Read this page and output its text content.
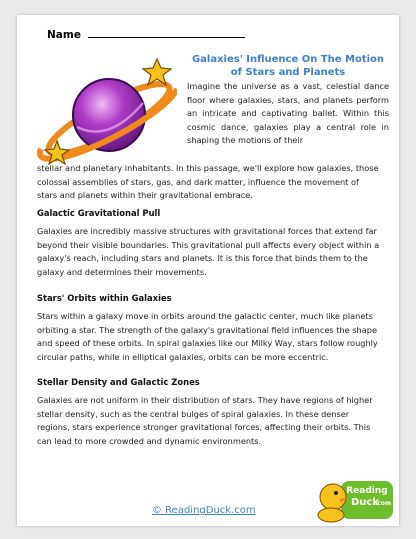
Name
Galaxies' Influence On The Motion of Stars and Planets
Imagine the universe as a vast, celestial dance floor where galaxies, stars, and planets perform an intricate and captivating ballet. Within this cosmic dance, galaxies play a central role in shaping the motions of their
stellar and planetary inhabitants. In this passage, we'll explore how galaxies, those colossal assemblies of stars, gas, and dark matter, influence the movement of stars and planets within their gravitational embrace.
Galactic Gravitational Pull
Galaxies are incredibly massive structures with gravitational forces that extend far beyond their visible boundaries. This gravitational pull affects every object within a galaxy's reach, including stars and planets. It is this force that binds them to the galaxy and determines their movements.
Stars' Orbits within Galaxies
Stars within a galaxy move in orbits around the galactic center, much like planets orbiting a star. The strength of the galaxy's gravitational field influences the shape and speed of these orbits. In spiral galaxies like our Milky Way, stars follow roughly circular paths, while in elliptical galaxies, orbits can be more eccentric.
Stellar Density and Galactic Zones
Galaxies are not uniform in their distribution of stars. They have regions of higher stellar density, such as the central bulges of spiral galaxies. In these denser regions, stars experience stronger gravitational forces, affecting their orbits. This can lead to more crowded and dynamic environments.
© ReadingDuck.com
Reading
Duck
.com
